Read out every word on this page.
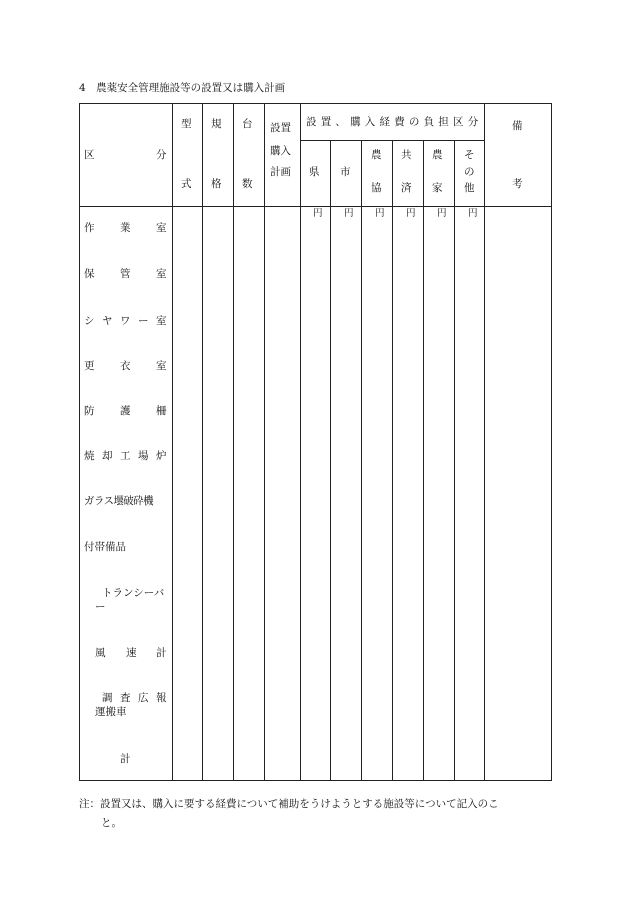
4　農薬安全管理施設等の設置又は購入計画
区	分
型
式
規
格
台
数
設置
購入
計画
設置、購入経費の負担区分
県 市
農
協
共
済
農
家
そ
の
他
備
考
円 円 円 円 円 円
作 業 室
保 管 室
シ ヤ ワ ー 室
更 衣 室
防 護 柵
焼 却 工 場 炉
ガラス壜破砕機
付帯備品
トランシーバ
ー
風 速 計
調 査 広 報
運搬車
計
注：設置又は、購入に要する経費について補助をうけようとする施設等について記入のこ
と。
